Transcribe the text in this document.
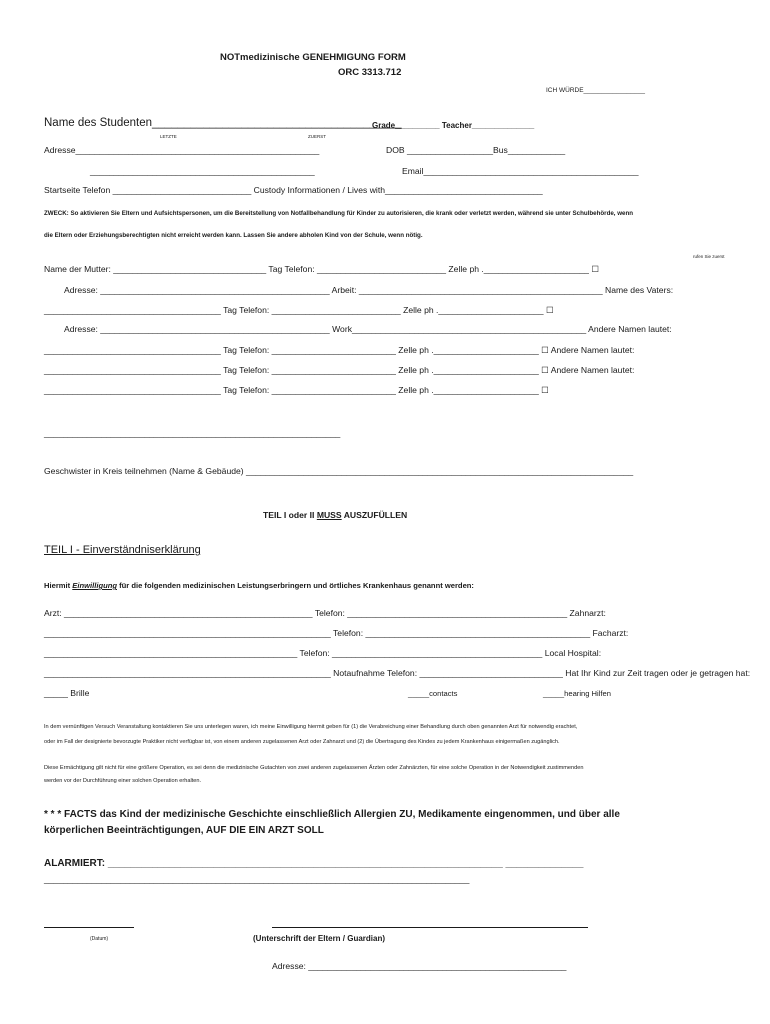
NOTmedizinische GENEHMIGUNG FORM
ORC 3313.712
ICH WÜRDE_________________
Name des Studenten_______________________________________
Grade__________ Teacher______________
LETZTE	ZUERST
Adresse___________________________________________________	DOB __________________Bus____________
_______________________________________________	Email_____________________________________________
Startseite Telefon _____________________________ Custody Informationen / Lives with_________________________________
ZWECK: So aktivieren Sie Eltern und Aufsichtspersonen, um die Bereitstellung von Notfallbehandlung für Kinder zu autorisieren, die krank oder verletzt werden, während sie unter Schulbehörde, wenn
die Eltern oder Erziehungsberechtigten nicht erreicht werden kann. Lassen Sie andere abholen Kind von der Schule, wenn nötig.
rufen Sie zuerst
Name der Mutter: ________________________________ Tag Telefon: ___________________________ Zelle ph .______________________ ☐
Adresse: ________________________________________________ Arbeit: ___________________________________________________ Name des Vaters:
_____________________________________ Tag Telefon: ___________________________ Zelle ph .______________________ ☐
Adresse: ________________________________________________ Work_________________________________________________ Andere Namen lautet:
_____________________________________ Tag Telefon: __________________________ Zelle ph .______________________ ☐ Andere Namen lautet:
_____________________________________ Tag Telefon: __________________________ Zelle ph .______________________ ☐ Andere Namen lautet:
_____________________________________ Tag Telefon: __________________________ Zelle ph .______________________ ☐
______________________________________________________________
Geschwister in Kreis teilnehmen (Name & Gebäude) _________________________________________________________________________________
TEIL I oder II MUSS AUSZUFÜLLEN
TEIL I - Einverständniserklärung
Hiermit Einwilligung für die folgenden medizinischen Leistungserbringern und örtliches Krankenhaus genannt werden:
Arzt: ____________________________________________________ Telefon: ______________________________________________ Zahnarzt:
____________________________________________________________ Telefon: _______________________________________________ Facharzt:
_____________________________________________________ Telefon: ____________________________________________ Local Hospital:
____________________________________________________________ Notaufnahme Telefon: ______________________________ Hat Ihr Kind zur Zeit tragen oder je getragen hat:
_____ Brille	_____contacts	_____hearing Hilfen
In dem vernünftigen Versuch Veranstaltung kontaktieren Sie uns unterlegen waren, ich meine Einwilligung hiermit geben für (1) die Verabreichung einer Behandlung durch oben genannten Arzt für notwendig erachtet,
oder im Fall der designierte bevorzugte Praktiker nicht verfügbar ist, von einem anderen zugelassenen Arzt oder Zahnarzt und (2) die Übertragung des Kindes zu jedem Krankenhaus einigermaßen zugänglich.
Diese Ermächtigung gilt nicht für eine größere Operation, es sei denn die medizinische Gutachten von zwei anderen zugelassenen Ärzten oder Zahnärzten, für eine solche Operation in der Notwendigkeit zustimmenden
werden vor der Durchführung einer solchen Operation erhalten.
* * * FACTS das Kind der medizinische Geschichte einschließlich Allergien ZU, Medikamente eingenommen, und über alle
körperlichen Beeinträchtigungen, AUF DIE EIN ARZT SOLL
ALARMIERT: _______________________________________________________________________ ______________
_________________________________________________________________________________________
(Datum)	(Unterschrift der Eltern / Guardian)
Adresse: ______________________________________________________
